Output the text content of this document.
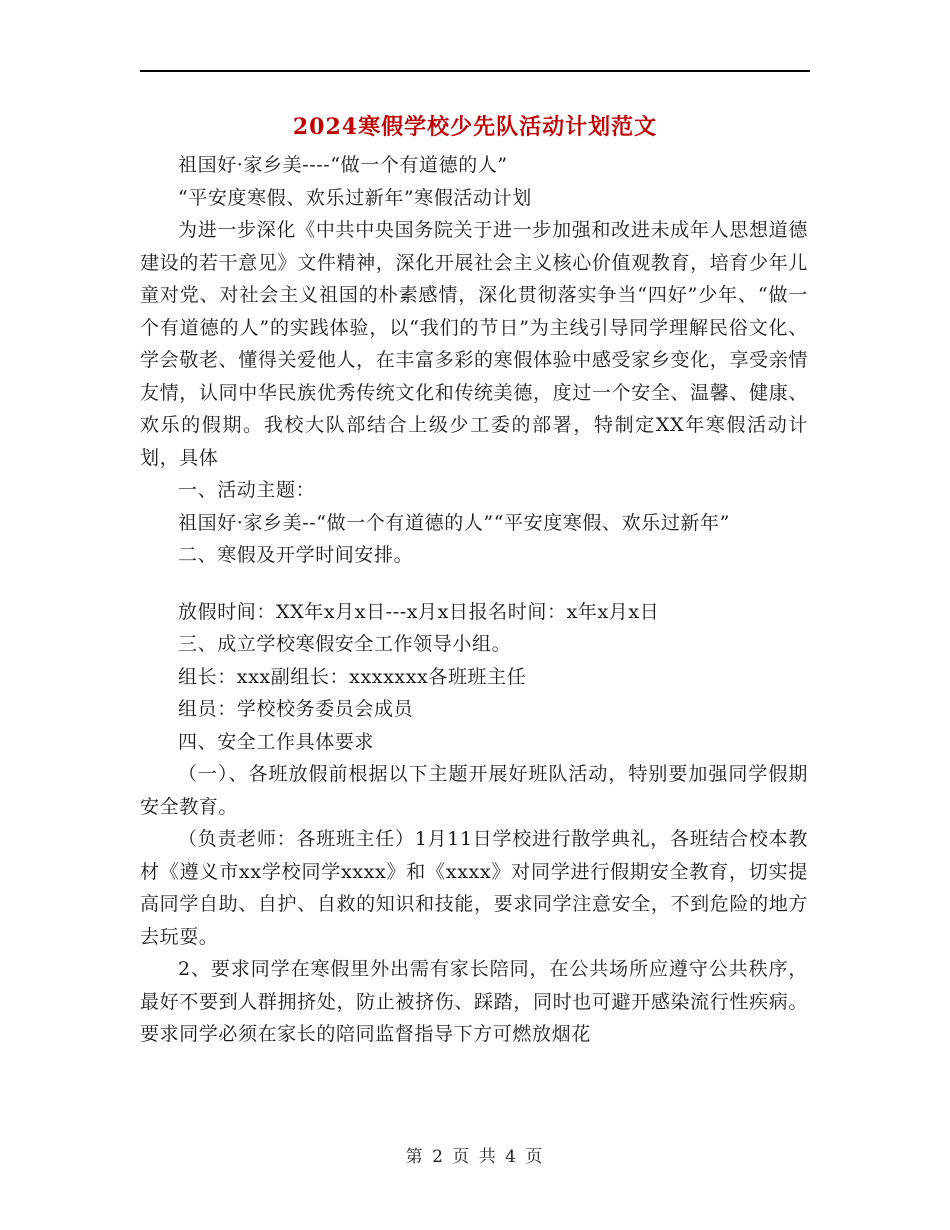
2024寒假学校少先队活动计划范文

祖国好·家乡美----“做一个有道德的人”

“平安度寒假、欢乐过新年”寒假活动计划

为进一步深化《中共中央国务院关于进一步加强和改进未成年人思想道德建设的若干意见》文件精神，深化开展社会主义核心价值观教育，培育少年儿童对党、对社会主义祖国的朴素感情，深化贯彻落实争当“四好”少年、“做一个有道德的人”的实践体验，以“我们的节日”为主线引导同学理解民俗文化、学会敬老、懂得关爱他人，在丰富多彩的寒假体验中感受家乡变化，享受亲情友情，认同中华民族优秀传统文化和传统美德，度过一个安全、温馨、健康、欢乐的假期。我校大队部结合上级少工委的部署，特制定XX年寒假活动计划，具体

一、活动主题：

祖国好·家乡美--“做一个有道德的人”“平安度寒假、欢乐过新年”

二、寒假及开学时间安排。

放假时间：XX年x月x日---x月x日报名时间：x年x月x日

三、成立学校寒假安全工作领导小组。

组长：xxx副组长：xxxxxxx各班班主任

组员：学校校务委员会成员

四、安全工作具体要求

（一）、各班放假前根据以下主题开展好班队活动，特别要加强同学假期安全教育。

（负责老师：各班班主任）1月11日学校进行散学典礼，各班结合校本教材《遵义市xx学校同学xxxx》和《xxxx》对同学进行假期安全教育，切实提高同学自助、自护、自救的知识和技能，要求同学注意安全，不到危险的地方去玩耍。

2、要求同学在寒假里外出需有家长陪同，在公共场所应遵守公共秩序，最好不要到人群拥挤处，防止被挤伤、踩踏，同时也可避开感染流行性疾病。要求同学必须在家长的陪同监督指导下方可燃放烟花

第 2 页 共 4 页
